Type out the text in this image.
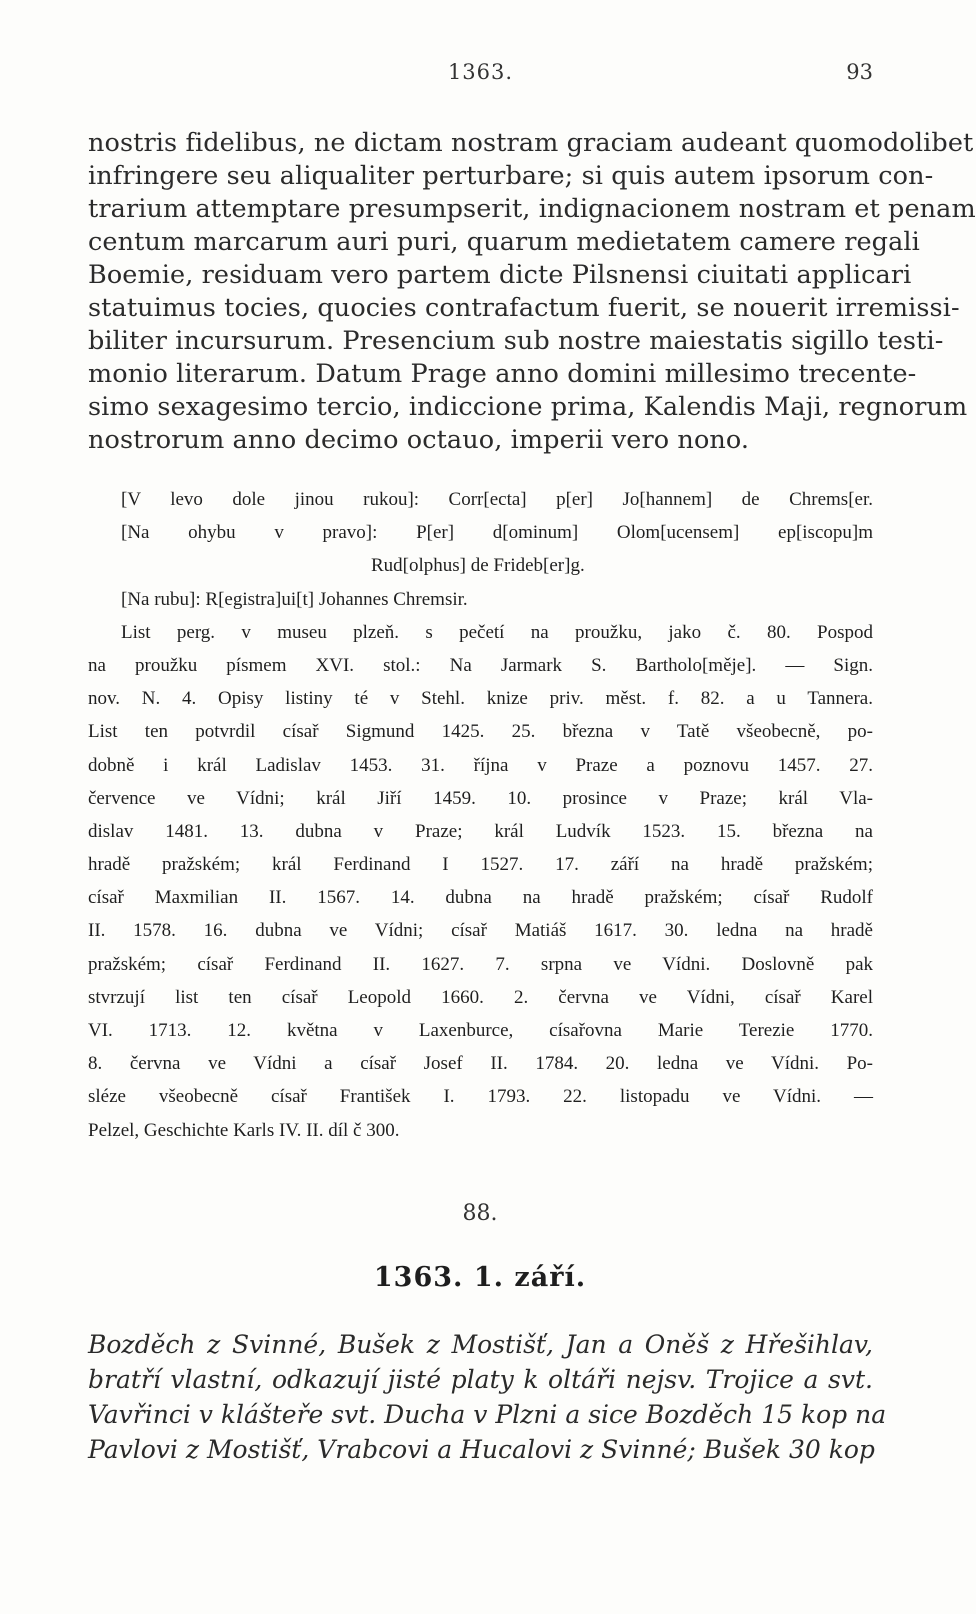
1363.	93
nostris fidelibus, ne dictam nostram graciam audeant quomodolibet
infringere seu aliqualiter perturbare; si quis autem ipsorum con-
trarium attemptare presumpserit, indignacionem nostram et penam
centum marcarum auri puri, quarum medietatem camere regali
Boemie, residuam vero partem dicte Pilsnensi ciuitati applicari
statuimus tocies, quocies contrafactum fuerit, se nouerit irremissi-
biliter incursurum. Presencium sub nostre maiestatis sigillo testi-
monio literarum. Datum Prage anno domini millesimo trecente-
simo sexagesimo tercio, indiccione prima, Kalendis Maji, regnorum
nostrorum anno decimo octauo, imperii vero nono.
[V levo dole jinou rukou]: Corr[ecta] p[er] Jo[hannem] de Chrems[er.
[Na ohybu v pravo]: P[er] d[ominum] Olom[ucensem] ep[iscopu]m
Rud[olphus] de Frideb[er]g.
[Na rubu]: R[egistra]ui[t] Johannes Chremsir.
List perg. v museu plzeň. s pečetí na proužku, jako č. 80. Pospod
na proužku písmem XVI. stol.: Na Jarmark S. Bartholo[měje]. — Sign.
nov. N. 4. Opisy listiny té v Stehl. knize priv. měst. f. 82. a u Tannera.
List ten potvrdil císař Sigmund 1425. 25. března v Tatě všeobecně, po-
dobně i král Ladislav 1453. 31. října v Praze a poznovu 1457. 27.
července ve Vídni; král Jiří 1459. 10. prosince v Praze; král Vla-
dislav 1481. 13. dubna v Praze; král Ludvík 1523. 15. března na
hradě pražském; král Ferdinand I 1527. 17. září na hradě pražském;
císař Maxmilian II. 1567. 14. dubna na hradě pražském; císař Rudolf
II. 1578. 16. dubna ve Vídni; císař Matiáš 1617. 30. ledna na hradě
pražském; císař Ferdinand II. 1627. 7. srpna ve Vídni. Doslovně pak
stvrzují list ten císař Leopold 1660. 2. června ve Vídni, císař Karel
VI. 1713. 12. května v Laxenburce, císařovna Marie Terezie 1770.
8. června ve Vídni a císař Josef II. 1784. 20. ledna ve Vídni. Po-
sléze všeobecně císař František I. 1793. 22. listopadu ve Vídni. —
Pelzel, Geschichte Karls IV. II. díl č 300.
88.
1363. 1. září.
Bozděch z Svinné, Bušek z Mostišť, Jan a Oněš z Hřešihlav,
bratří vlastní, odkazují jisté platy k oltáři nejsv. Trojice a svt.
Vavřinci v klášteře svt. Ducha v Plzni a sice Bozděch 15 kop na
Pavlovi z Mostišť, Vrabcovi a Hucalovi z Svinné; Bušek 30 kop
